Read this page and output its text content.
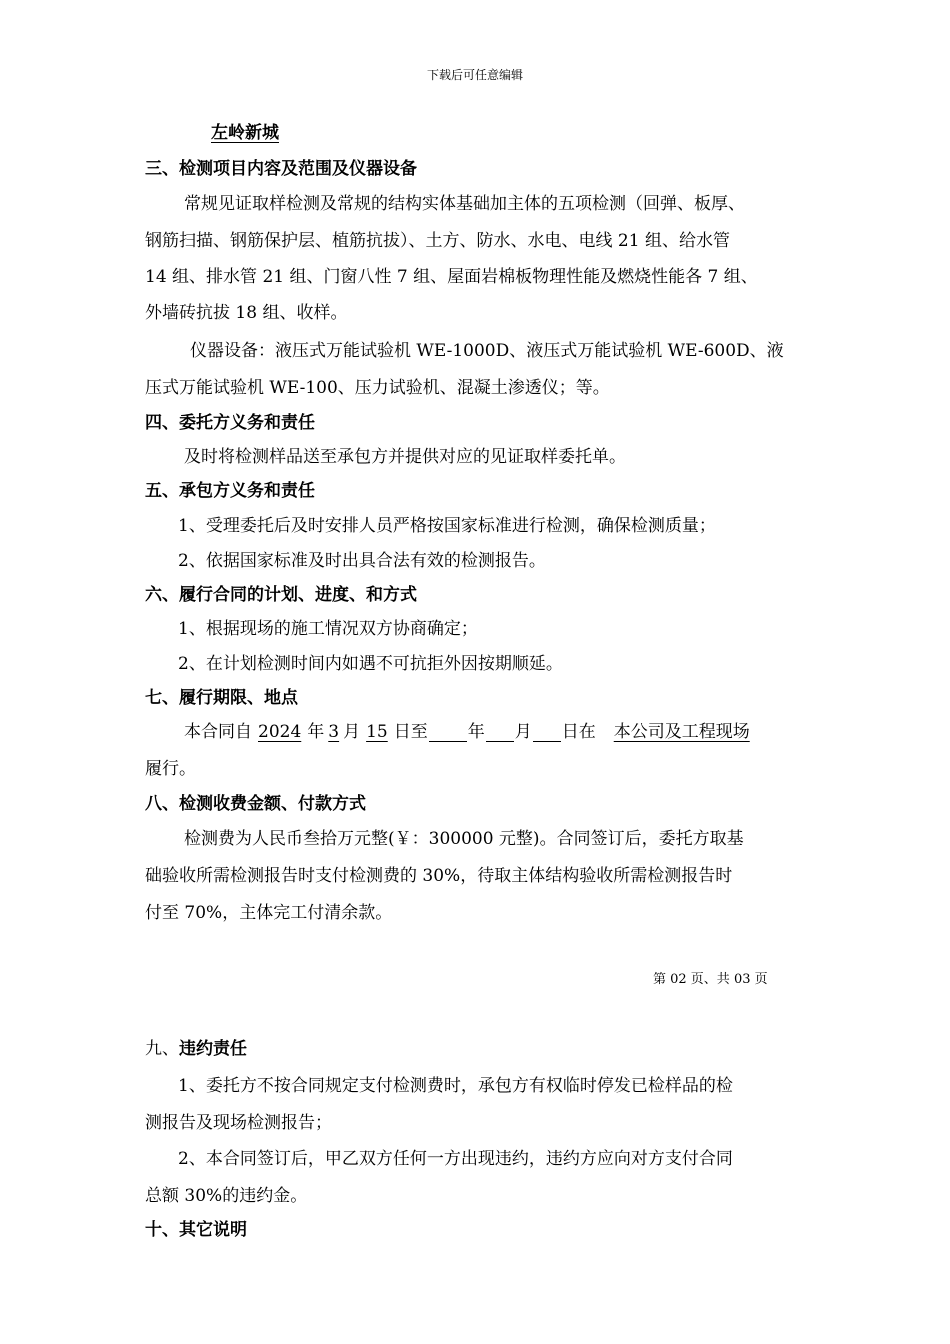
下载后可任意编辑
左岭新城
三、检测项目内容及范围及仪器设备
常规见证取样检测及常规的结构实体基础加主体的五项检测（回弹、板厚、
钢筋扫描、钢筋保护层、植筋抗拔）、土方、防水、水电、电线 21 组、给水管
14 组、排水管 21 组、门窗八性 7 组、屋面岩棉板物理性能及燃烧性能各 7 组、
外墙砖抗拔 18 组、收样。
仪器设备：液压式万能试验机 WE-1000D、液压式万能试验机 WE-600D、液
压式万能试验机 WE-100、压力试验机、混凝土渗透仪；等。
四、委托方义务和责任
及时将检测样品送至承包方并提供对应的见证取样委托单。
五、承包方义务和责任
1、受理委托后及时安排人员严格按国家标准进行检测，确保检测质量；
2、依据国家标准及时出具合法有效的检测报告。
六、履行合同的计划、进度、和方式
1、根据现场的施工情况双方协商确定；
2、在计划检测时间内如遇不可抗拒外因按期顺延。
七、履行期限、地点
本合同自 2024 年 3 月 15 日至 年 月 日在 本公司及工程现场
履行。
八、检测收费金额、付款方式
检测费为人民币叁拾万元整(￥：300000 元整)。合同签订后，委托方取基
础验收所需检测报告时支付检测费的 30%，待取主体结构验收所需检测报告时
付至 70%，主体完工付清余款。
第 02 页、共 03 页
九、违约责任
1、委托方不按合同规定支付检测费时，承包方有权临时停发已检样品的检
测报告及现场检测报告；
2、本合同签订后，甲乙双方任何一方出现违约，违约方应向对方支付合同
总额 30%的违约金。
十、其它说明
